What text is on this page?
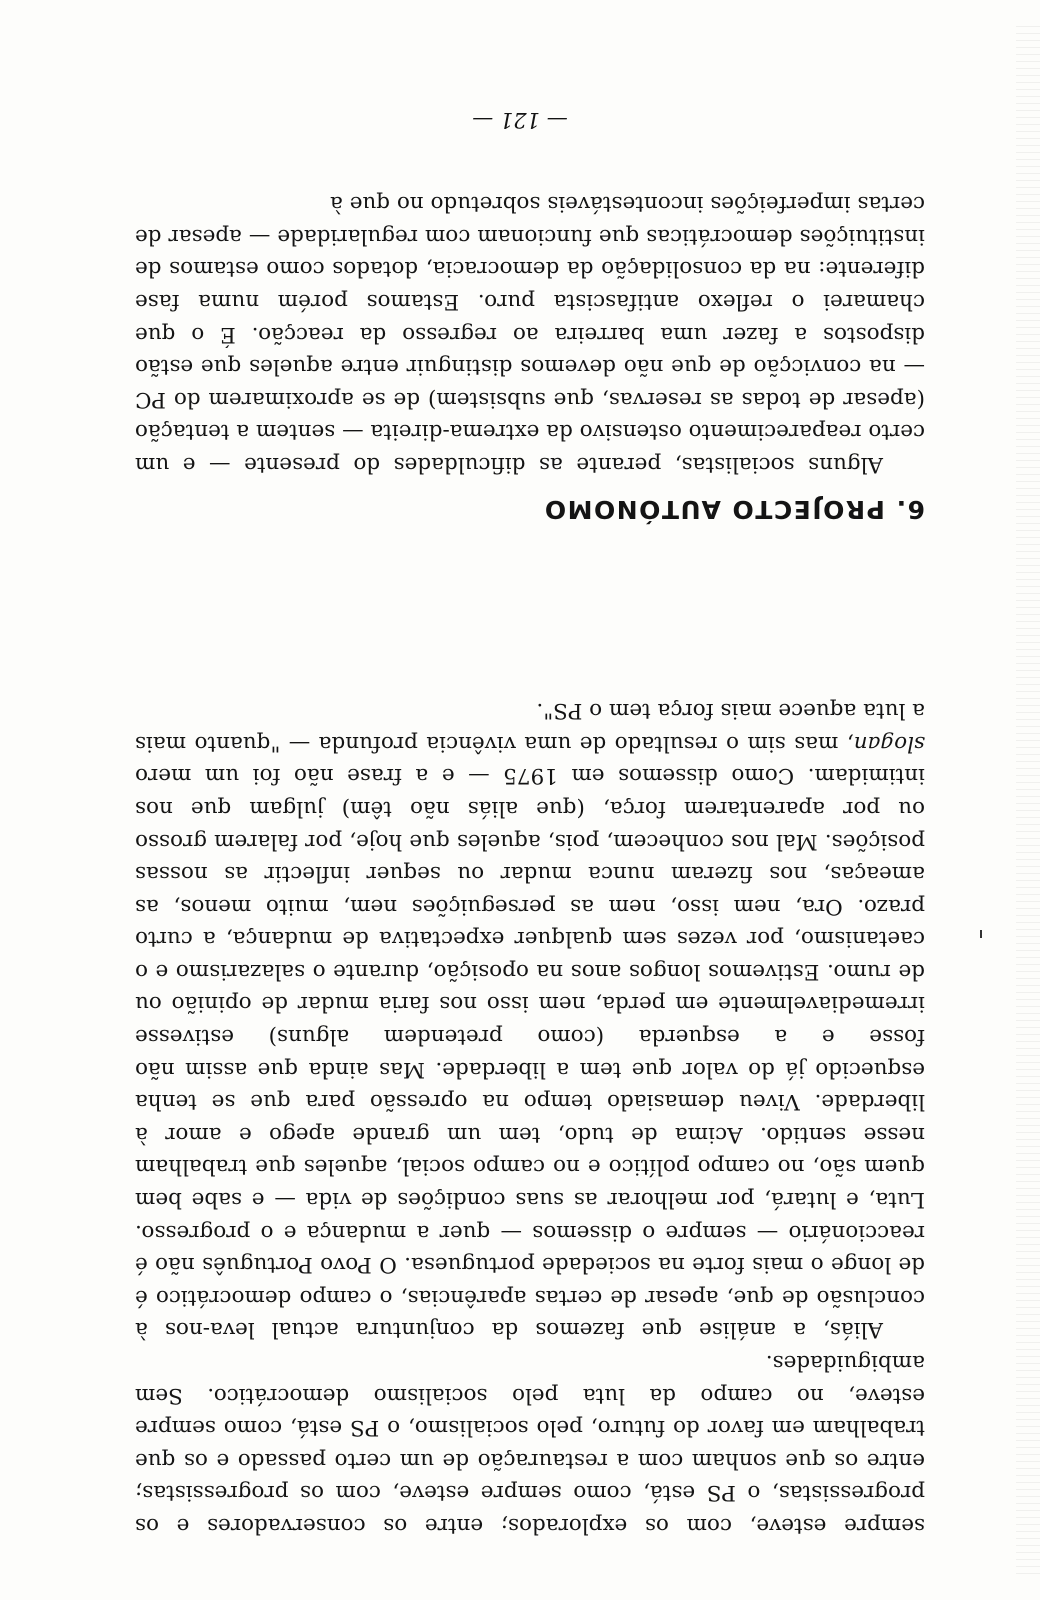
sempre esteve, com os explorados; entre os conservadores e os progressistas, o PS está, como sempre esteve, com os progressistas; entre os que sonham com a restauração de um certo passado e os que trabalham em favor do futuro, pelo socialismo, o PS está, como sempre esteve, no campo da luta pelo socialismo democrático. Sem ambiguidades.

Aliás, a análise que fazemos da conjuntura actual leva-nos à conclusão de que, apesar de certas aparências, o campo democrático é de longe o mais forte na sociedade portuguesa. O Povo Português não é reaccionário — sempre o dissemos — quer a mudança e o progresso. Luta, e lutará, por melhorar as suas condições de vida — e sabe bem quem são, no campo político e no campo social, aqueles que trabalham nesse sentido. Acima de tudo, tem um grande apego e amor à liberdade. Viveu demasiado tempo na opressão para que se tenha esquecido já do valor que tem a liberdade. Mas ainda que assim não fosse e a esquerda (como pretendem alguns) estivesse irremediavelmente em perda, nem isso nos faria mudar de opinião ou de rumo. Estivemos longos anos na oposição, durante o salazarismo e o caetanismo, por vezes sem qualquer expectativa de mudança, a curto prazo. Ora, nem isso, nem as perseguições nem, muito menos, as ameaças, nos fizeram nunca mudar ou sequer inflectir as nossas posições. Mal nos conhecem, pois, aqueles que hoje, por falarem grosso ou por aparentarem força, (que aliás não têm) julgam que nos intimidam. Como dissemos em 1975 — e a frase não foi um mero slogan, mas sim o resultado de uma vivência profunda — "quanto mais a luta aquece mais força tem o PS".

6. PROJECTO AUTÓNOMO

Alguns socialistas, perante as dificuldades do presente — e um certo reaparecimento ostensivo da extrema-direita — sentem a tentação (apesar de todas as reservas, que subsistem) de se aproximarem do PC — na convicção de que não devemos distinguir entre aqueles que estão dispostos a fazer uma barreira ao regresso da reacção. É o que chamarei o reflexo antifascista puro. Estamos porém numa fase diferente: na da consolidação da democracia, dotados como estamos de instituições democráticas que funcionam com regularidade — apesar de certas imperfeições incontestáveis sobretudo no que à

— 121 —
